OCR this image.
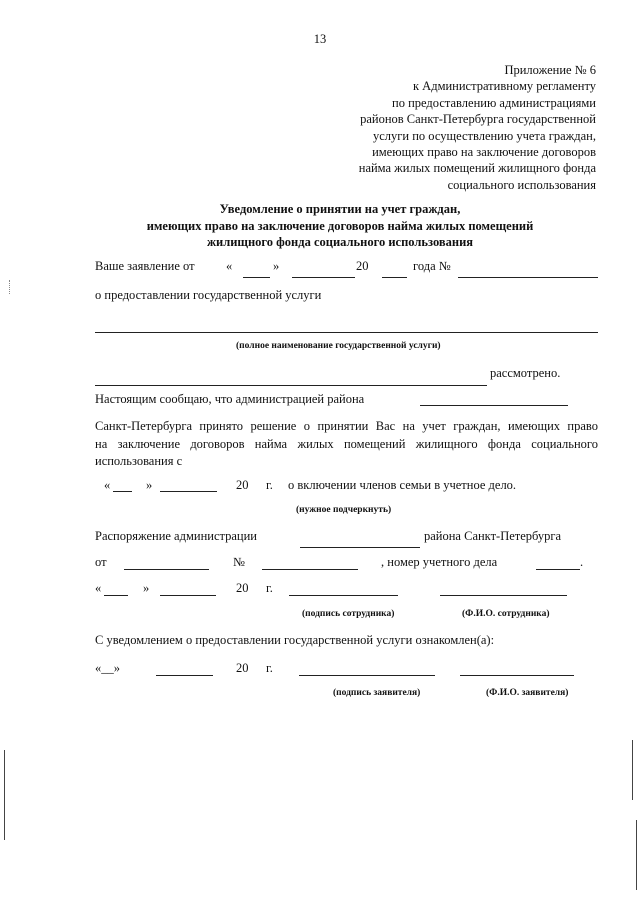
13
Приложение № 6
к Административному регламенту
по предоставлению администрациями
районов Санкт-Петербурга государственной
услуги по осуществлению учета граждан,
имеющих право на заключение договоров
найма жилых помещений жилищного фонда
социального использования
Уведомление о принятии на учет граждан,
имеющих право на заключение договоров найма жилых помещений
жилищного фонда социального использования
Ваше заявление от	«	»	20	года №
о предоставлении государственной услуги
(полное наименование государственной услуги)
рассмотрено.
Настоящим сообщаю, что администрацией района
Санкт-Петербурга принято решение о принятии Вас на учет граждан, имеющих право
на заключение договоров найма жилых помещений жилищного фонда социального
использования с
«	»	20 г. о включении членов семьи в учетное дело.
(нужное подчеркнуть)
Распоряжение администрации	района Санкт-Петербурга
от	№	, номер учетного дела	.
«	»	20 г.
(подпись сотрудника)	(Ф.И.О. сотрудника)
С уведомлением о предоставлении государственной услуги ознакомлен(а):
«__»	20 г.
(подпись заявителя)	(Ф.И.О. заявителя)
